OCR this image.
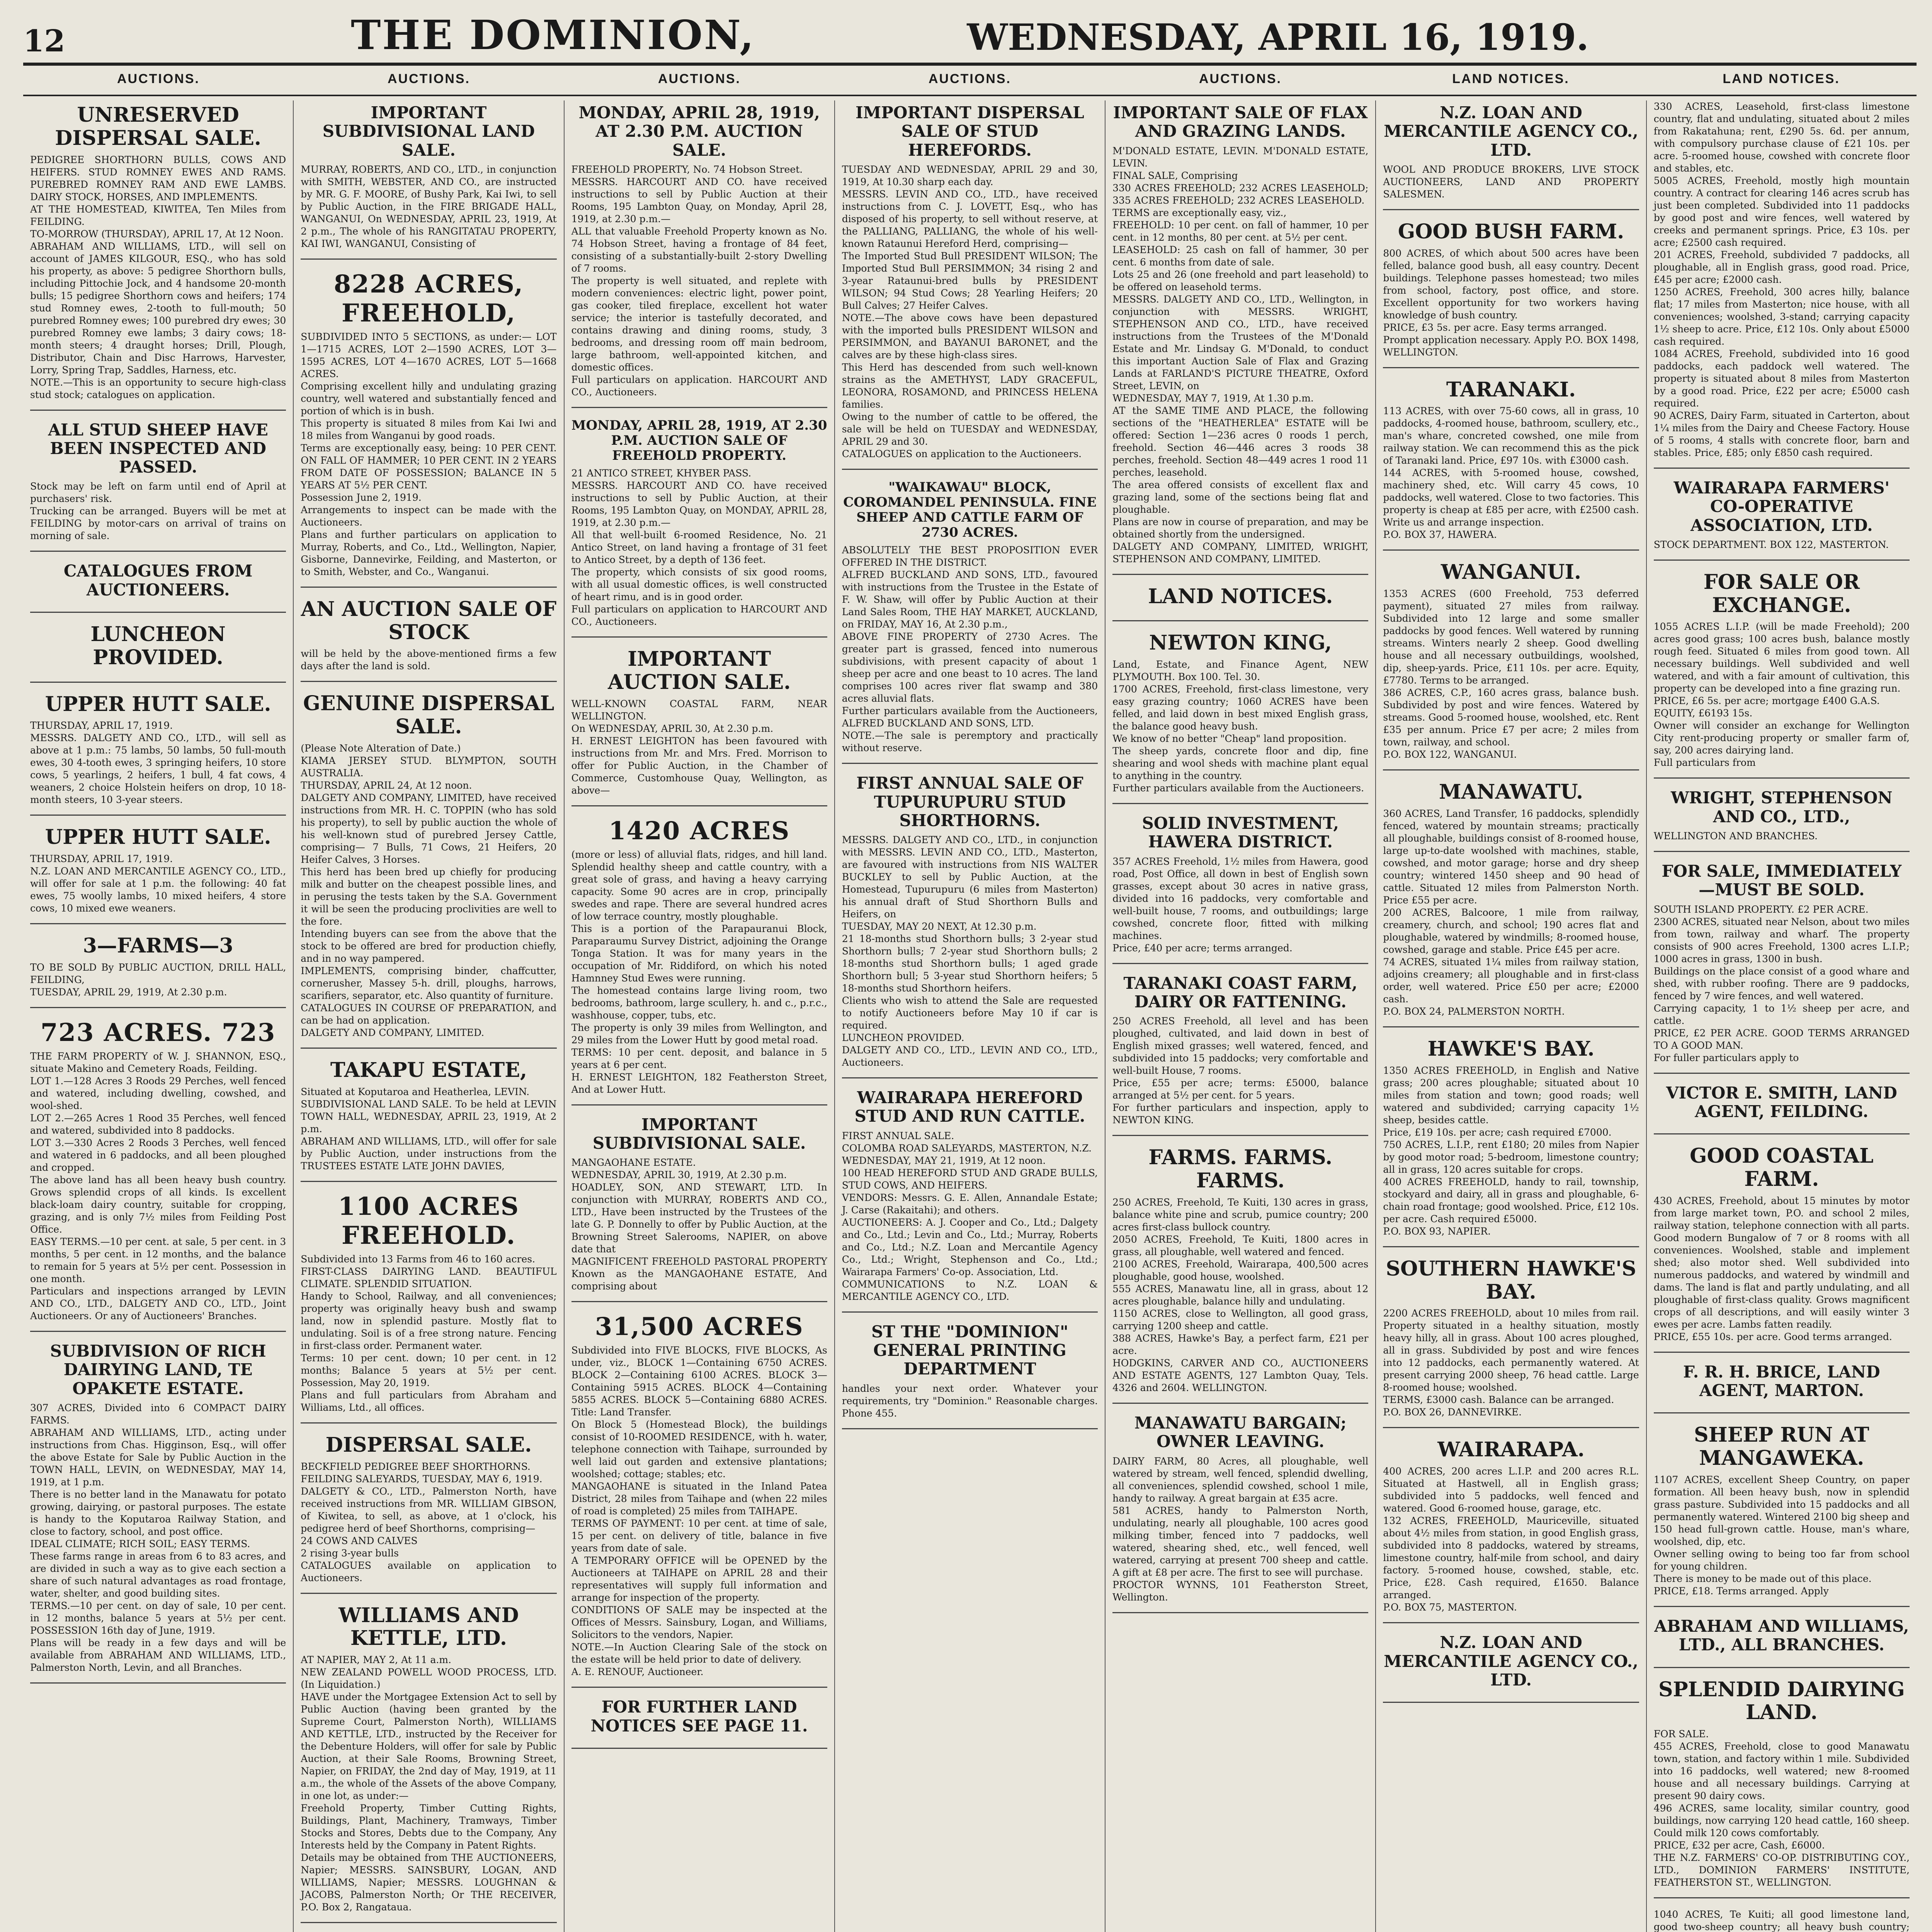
12	THE DOMINION,	WEDNESDAY, APRIL 16, 1919.
AUCTIONS.	AUCTIONS.	AUCTIONS.	AUCTIONS.	AUCTIONS.	LAND NOTICES.	LAND NOTICES.
UNRESERVED DISPERSAL SALE.
PEDIGREE SHORTHORN BULLS, COWS AND HEIFERS. STUD ROMNEY EWES AND RAMS. PUREBRED ROMNEY RAM AND EWE LAMBS. DAIRY STOCK, HORSES, AND IMPLEMENTS.
AT THE HOMESTEAD, KIWITEA, Ten Miles from FEILDING.
TO-MORROW (THURSDAY), APRIL 17, At 12 Noon.
ABRAHAM AND WILLIAMS, LTD., will sell on account of JAMES KILGOUR, ESQ., who has sold his property, as above: 5 pedigree Shorthorn bulls, including Pittochie Jock, and 4 handsome 20-month bulls; 15 pedigree Shorthorn cows and heifers; 174 stud Romney ewes, 2-tooth to full-mouth; 50 purebred Romney ewes; 100 purebred dry ewes; 30 purebred Romney ewe lambs; 3 dairy cows; 18-month steers; 4 draught horses; Drill, Plough, Distributor, Chain and Disc Harrows, Harvester, Lorry, Spring Trap, Saddles, Harness, etc.
NOTE.—This is an opportunity to secure high-class stud stock; catalogues on application.
ALL STUD SHEEP HAVE BEEN INSPECTED AND PASSED.
Stock may be left on farm until end of April at purchasers' risk.
Trucking can be arranged. Buyers will be met at FEILDING by motor-cars on arrival of trains on morning of sale.
CATALOGUES FROM AUCTIONEERS.
LUNCHEON PROVIDED.
UPPER HUTT SALE.
THURSDAY, APRIL 17, 1919.
MESSRS. DALGETY AND CO., LTD., will sell as above at 1 p.m.: 75 lambs, 50 lambs, 50 full-mouth ewes, 30 4-tooth ewes, 3 springing heifers, 10 store cows, 5 yearlings, 2 heifers, 1 bull, 4 fat cows, 4 weaners, 2 choice Holstein heifers on drop, 10 18-month steers, 10 3-year steers.
UPPER HUTT SALE.
THURSDAY, APRIL 17, 1919.
N.Z. LOAN AND MERCANTILE AGENCY CO., LTD., will offer for sale at 1 p.m. the following: 40 fat ewes, 75 woolly lambs, 10 mixed heifers, 4 store cows, 10 mixed ewe weaners.
3—FARMS—3
TO BE SOLD By PUBLIC AUCTION, DRILL HALL, FEILDING,
TUESDAY, APRIL 29, 1919, At 2.30 p.m.
723 ACRES. 723
THE FARM PROPERTY of W. J. SHANNON, ESQ., situate Makino and Cemetery Roads, Feilding.
LOT 1.—128 Acres 3 Roods 29 Perches, well fenced and watered, including dwelling, cowshed, and wool-shed.
LOT 2.—265 Acres 1 Rood 35 Perches, well fenced and watered, subdivided into 8 paddocks.
LOT 3.—330 Acres 2 Roods 3 Perches, well fenced and watered in 6 paddocks, and all been ploughed and cropped.
The above land has all been heavy bush country. Grows splendid crops of all kinds. Is excellent black-loam dairy country, suitable for cropping, grazing, and is only 7½ miles from Feilding Post Office.
EASY TERMS.—10 per cent. at sale, 5 per cent. in 3 months, 5 per cent. in 12 months, and the balance to remain for 5 years at 5½ per cent. Possession in one month.
Particulars and inspections arranged by LEVIN AND CO., LTD., DALGETY AND CO., LTD., Joint Auctioneers. Or any of Auctioneers' Branches.
SUBDIVISION OF RICH DAIRYING LAND, TE OPAKETE ESTATE.
307 ACRES, Divided into 6 COMPACT DAIRY FARMS.
ABRAHAM AND WILLIAMS, LTD., acting under instructions from Chas. Higginson, Esq., will offer the above Estate for Sale by Public Auction in the TOWN HALL, LEVIN, on WEDNESDAY, MAY 14, 1919, at 1 p.m.
There is no better land in the Manawatu for potato growing, dairying, or pastoral purposes. The estate is handy to the Koputaroa Railway Station, and close to factory, school, and post office.
IDEAL CLIMATE; RICH SOIL; EASY TERMS.
These farms range in areas from 6 to 83 acres, and are divided in such a way as to give each section a share of such natural advantages as road frontage, water, shelter, and good building sites.
TERMS.—10 per cent. on day of sale, 10 per cent. in 12 months, balance 5 years at 5½ per cent. POSSESSION 16th day of June, 1919.
Plans will be ready in a few days and will be available from ABRAHAM AND WILLIAMS, LTD., Palmerston North, Levin, and all Branches.
IMPORTANT SUBDIVISIONAL LAND SALE.
MURRAY, ROBERTS, AND CO., LTD., in conjunction with SMITH, WEBSTER, AND CO., are instructed by MR. G. F. MOORE, of Bushy Park, Kai Iwi, to sell by Public Auction, in the FIRE BRIGADE HALL, WANGANUI, On WEDNESDAY, APRIL 23, 1919, At 2 p.m., The whole of his RANGITATAU PROPERTY, KAI IWI, WANGANUI, Consisting of
8228 ACRES, FREEHOLD,
SUBDIVIDED INTO 5 SECTIONS, as under:— LOT 1—1715 ACRES, LOT 2—1590 ACRES, LOT 3—1595 ACRES, LOT 4—1670 ACRES, LOT 5—1668 ACRES.
Comprising excellent hilly and undulating grazing country, well watered and substantially fenced and portion of which is in bush.
This property is situated 8 miles from Kai Iwi and 18 miles from Wanganui by good roads.
Terms are exceptionally easy, being: 10 PER CENT. ON FALL OF HAMMER; 10 PER CENT. IN 2 YEARS FROM DATE OF POSSESSION; BALANCE IN 5 YEARS AT 5½ PER CENT.
Possession June 2, 1919.
Arrangements to inspect can be made with the Auctioneers.
Plans and further particulars on application to Murray, Roberts, and Co., Ltd., Wellington, Napier, Gisborne, Dannevirke, Feilding, and Masterton, or to Smith, Webster, and Co., Wanganui.
AN AUCTION SALE OF STOCK
will be held by the above-mentioned firms a few days after the land is sold.
GENUINE DISPERSAL SALE.
(Please Note Alteration of Date.)
KIAMA JERSEY STUD. BLYMPTON, SOUTH AUSTRALIA.
THURSDAY, APRIL 24, At 12 noon.
DALGETY AND COMPANY, LIMITED, have received instructions from MR. H. C. TOPPIN (who has sold his property), to sell by public auction the whole of his well-known stud of purebred Jersey Cattle, comprising— 7 Bulls, 71 Cows, 21 Heifers, 20 Heifer Calves, 3 Horses.
This herd has been bred up chiefly for producing milk and butter on the cheapest possible lines, and in perusing the tests taken by the S.A. Government it will be seen the producing proclivities are well to the fore.
Intending buyers can see from the above that the stock to be offered are bred for production chiefly, and in no way pampered.
IMPLEMENTS, comprising binder, chaffcutter, cornerusher, Massey 5-h. drill, ploughs, harrows, scarifiers, separator, etc. Also quantity of furniture.
CATALOGUES IN COURSE OF PREPARATION, and can be had on application.
DALGETY AND COMPANY, LIMITED.
TAKAPU ESTATE,
Situated at Koputaroa and Heatherlea, LEVIN.
SUBDIVISIONAL LAND SALE. To be held at LEVIN TOWN HALL, WEDNESDAY, APRIL 23, 1919, At 2 p.m.
ABRAHAM AND WILLIAMS, LTD., will offer for sale by Public Auction, under instructions from the TRUSTEES ESTATE LATE JOHN DAVIES,
1100 ACRES FREEHOLD.
Subdivided into 13 Farms from 46 to 160 acres.
FIRST-CLASS DAIRYING LAND. BEAUTIFUL CLIMATE. SPLENDID SITUATION.
Handy to School, Railway, and all conveniences; property was originally heavy bush and swamp land, now in splendid pasture. Mostly flat to undulating. Soil is of a free strong nature. Fencing in first-class order. Permanent water.
Terms: 10 per cent. down; 10 per cent. in 12 months; Balance 5 years at 5½ per cent. Possession, May 20, 1919.
Plans and full particulars from Abraham and Williams, Ltd., all offices.
DISPERSAL SALE.
BECKFIELD PEDIGREE BEEF SHORTHORNS.
FEILDING SALEYARDS, TUESDAY, MAY 6, 1919.
DALGETY & CO., LTD., Palmerston North, have received instructions from MR. WILLIAM GIBSON, of Kiwitea, to sell, as above, at 1 o'clock, his pedigree herd of beef Shorthorns, comprising—
24 COWS AND CALVES
2 rising 3-year bulls
CATALOGUES available on application to Auctioneers.
WILLIAMS AND KETTLE, LTD.
AT NAPIER, MAY 2, At 11 a.m.
NEW ZEALAND POWELL WOOD PROCESS, LTD. (In Liquidation.)
HAVE under the Mortgagee Extension Act to sell by Public Auction (having been granted by the Supreme Court, Palmerston North), WILLIAMS AND KETTLE, LTD., instructed by the Receiver for the Debenture Holders, will offer for sale by Public Auction, at their Sale Rooms, Browning Street, Napier, on FRIDAY, the 2nd day of May, 1919, at 11 a.m., the whole of the Assets of the above Company, in one lot, as under:—
Freehold Property, Timber Cutting Rights, Buildings, Plant, Machinery, Tramways, Timber Stocks and Stores, Debts due to the Company, Any Interests held by the Company in Patent Rights.
Details may be obtained from THE AUCTIONEERS, Napier; MESSRS. SAINSBURY, LOGAN, AND WILLIAMS, Napier; MESSRS. LOUGHNAN & JACOBS, Palmerston North; Or THE RECEIVER, P.O. Box 2, Rangataua.
MONDAY, APRIL 28, 1919, AT 2.30 P.M. AUCTION SALE.
FREEHOLD PROPERTY, No. 74 Hobson Street.
MESSRS. HARCOURT AND CO. have received instructions to sell by Public Auction at their Rooms, 195 Lambton Quay, on Monday, April 28, 1919, at 2.30 p.m.—
ALL that valuable Freehold Property known as No. 74 Hobson Street, having a frontage of 84 feet, consisting of a substantially-built 2-story Dwelling of 7 rooms.
The property is well situated, and replete with modern conveniences: electric light, power point, gas cooker, tiled fireplace, excellent hot water service; the interior is tastefully decorated, and contains drawing and dining rooms, study, 3 bedrooms, and dressing room off main bedroom, large bathroom, well-appointed kitchen, and domestic offices.
Full particulars on application. HARCOURT AND CO., Auctioneers.
MONDAY, APRIL 28, 1919, AT 2.30 P.M. AUCTION SALE OF FREEHOLD PROPERTY.
21 ANTICO STREET, KHYBER PASS.
MESSRS. HARCOURT AND CO. have received instructions to sell by Public Auction, at their Rooms, 195 Lambton Quay, on MONDAY, APRIL 28, 1919, at 2.30 p.m.—
All that well-built 6-roomed Residence, No. 21 Antico Street, on land having a frontage of 31 feet to Antico Street, by a depth of 136 feet.
The property, which consists of six good rooms, with all usual domestic offices, is well constructed of heart rimu, and is in good order.
Full particulars on application to HARCOURT AND CO., Auctioneers.
IMPORTANT AUCTION SALE.
WELL-KNOWN COASTAL FARM, NEAR WELLINGTON.
On WEDNESDAY, APRIL 30, At 2.30 p.m.
H. ERNEST LEIGHTON has been favoured with instructions from Mr. and Mrs. Fred. Morrison to offer for Public Auction, in the Chamber of Commerce, Customhouse Quay, Wellington, as above—
1420 ACRES
(more or less) of alluvial flats, ridges, and hill land. Splendid healthy sheep and cattle country, with a great sole of grass, and having a heavy carrying capacity. Some 90 acres are in crop, principally swedes and rape. There are several hundred acres of low terrace country, mostly ploughable.
This is a portion of the Parapauranui Block, Paraparaumu Survey District, adjoining the Orange Tonga Station. It was for many years in the occupation of Mr. Riddiford, on which his noted Hamnney Stud Ewes were running.
The homestead contains large living room, two bedrooms, bathroom, large scullery, h. and c., p.r.c., washhouse, copper, tubs, etc.
The property is only 39 miles from Wellington, and 29 miles from the Lower Hutt by good metal road.
TERMS: 10 per cent. deposit, and balance in 5 years at 6 per cent.
H. ERNEST LEIGHTON, 182 Featherston Street, And at Lower Hutt.
IMPORTANT SUBDIVISIONAL SALE.
MANGAOHANE ESTATE.
WEDNESDAY, APRIL 30, 1919, At 2.30 p.m.
HOADLEY, SON, AND STEWART, LTD. In conjunction with MURRAY, ROBERTS AND CO., LTD., Have been instructed by the Trustees of the late G. P. Donnelly to offer by Public Auction, at the Browning Street Salerooms, NAPIER, on above date that
MAGNIFICENT FREEHOLD PASTORAL PROPERTY Known as the MANGAOHANE ESTATE, And comprising about
31,500 ACRES
Subdivided into FIVE BLOCKS, FIVE BLOCKS, As under, viz., BLOCK 1—Containing 6750 ACRES. BLOCK 2—Containing 6100 ACRES. BLOCK 3—Containing 5915 ACRES. BLOCK 4—Containing 5855 ACRES. BLOCK 5—Containing 6880 ACRES. Title: Land Transfer.
On Block 5 (Homestead Block), the buildings consist of 10-ROOMED RESIDENCE, with h. water, telephone connection with Taihape, surrounded by well laid out garden and extensive plantations; woolshed; cottage; stables; etc.
MANGAOHANE is situated in the Inland Patea District, 28 miles from Taihape and (when 22 miles of road is completed) 25 miles from TAIHAPE.
TERMS OF PAYMENT: 10 per cent. at time of sale, 15 per cent. on delivery of title, balance in five years from date of sale.
A TEMPORARY OFFICE will be OPENED by the Auctioneers at TAIHAPE on APRIL 28 and their representatives will supply full information and arrange for inspection of the property.
CONDITIONS OF SALE may be inspected at the Offices of Messrs. Sainsbury, Logan, and Williams, Solicitors to the vendors, Napier.
NOTE.—In Auction Clearing Sale of the stock on the estate will be held prior to date of delivery.
A. E. RENOUF, Auctioneer.
FOR FURTHER LAND NOTICES SEE PAGE 11.
IMPORTANT DISPERSAL SALE OF STUD HEREFORDS.
TUESDAY AND WEDNESDAY, APRIL 29 and 30, 1919, At 10.30 sharp each day.
MESSRS. LEVIN AND CO., LTD., have received instructions from C. J. LOVETT, Esq., who has disposed of his property, to sell without reserve, at the PALLIANG, PALLIANG, the whole of his well-known Rataunui Hereford Herd, comprising—
The Imported Stud Bull PRESIDENT WILSON; The Imported Stud Bull PERSIMMON; 34 rising 2 and 3-year Rataunui-bred bulls by PRESIDENT WILSON; 94 Stud Cows; 28 Yearling Heifers; 20 Bull Calves; 27 Heifer Calves.
NOTE.—The above cows have been depastured with the imported bulls PRESIDENT WILSON and PERSIMMON, and BAYANUI BARONET, and the calves are by these high-class sires.
This Herd has descended from such well-known strains as the AMETHYST, LADY GRACEFUL, LEONORA, ROSAMOND, and PRINCESS HELENA families.
Owing to the number of cattle to be offered, the sale will be held on TUESDAY and WEDNESDAY, APRIL 29 and 30.
CATALOGUES on application to the Auctioneers.
"WAIKAWAU" BLOCK, COROMANDEL PENINSULA. FINE SHEEP AND CATTLE FARM OF 2730 ACRES.
ABSOLUTELY THE BEST PROPOSITION EVER OFFERED IN THE DISTRICT.
ALFRED BUCKLAND AND SONS, LTD., favoured with instructions from the Trustee in the Estate of F. W. Shaw, will offer by Public Auction at their Land Sales Room, THE HAY MARKET, AUCKLAND, on FRIDAY, MAY 16, At 2.30 p.m.,
ABOVE FINE PROPERTY of 2730 Acres. The greater part is grassed, fenced into numerous subdivisions, with present capacity of about 1 sheep per acre and one beast to 10 acres. The land comprises 100 acres river flat swamp and 380 acres alluvial flats.
Further particulars available from the Auctioneers, ALFRED BUCKLAND AND SONS, LTD.
NOTE.—The sale is peremptory and practically without reserve.
FIRST ANNUAL SALE OF TUPURUPURU STUD SHORTHORNS.
MESSRS. DALGETY AND CO., LTD., in conjunction with MESSRS. LEVIN AND CO., LTD., Masterton, are favoured with instructions from NIS WALTER BUCKLEY to sell by Public Auction, at the Homestead, Tupurupuru (6 miles from Masterton) his annual draft of Stud Shorthorn Bulls and Heifers, on
TUESDAY, MAY 20 NEXT, At 12.30 p.m.
21 18-months stud Shorthorn bulls; 3 2-year stud Shorthorn bulls; 7 2-year stud Shorthorn bulls; 2 18-months stud Shorthorn bulls; 1 aged grade Shorthorn bull; 5 3-year stud Shorthorn heifers; 5 18-months stud Shorthorn heifers.
Clients who wish to attend the Sale are requested to notify Auctioneers before May 10 if car is required.
LUNCHEON PROVIDED.
DALGETY AND CO., LTD., LEVIN AND CO., LTD., Auctioneers.
WAIRARAPA HEREFORD STUD AND RUN CATTLE.
FIRST ANNUAL SALE.
COLOMBA ROAD SALEYARDS, MASTERTON, N.Z.
WEDNESDAY, MAY 21, 1919, At 12 noon.
100 HEAD HEREFORD STUD AND GRADE BULLS, STUD COWS, AND HEIFERS.
VENDORS: Messrs. G. E. Allen, Annandale Estate; J. Carse (Rakaitahi); and others.
AUCTIONEERS: A. J. Cooper and Co., Ltd.; Dalgety and Co., Ltd.; Levin and Co., Ltd.; Murray, Roberts and Co., Ltd.; N.Z. Loan and Mercantile Agency Co., Ltd.; Wright, Stephenson and Co., Ltd.; Wairarapa Farmers' Co-op. Association, Ltd.
COMMUNICATIONS to N.Z. LOAN & MERCANTILE AGENCY CO., LTD.
ST THE "DOMINION" GENERAL PRINTING DEPARTMENT
handles your next order. Whatever your requirements, try "Dominion." Reasonable charges. Phone 455.
IMPORTANT SALE OF FLAX AND GRAZING LANDS.
M'DONALD ESTATE, LEVIN. M'DONALD ESTATE, LEVIN.
FINAL SALE, Comprising
330 ACRES FREEHOLD; 232 ACRES LEASEHOLD; 335 ACRES FREEHOLD; 232 ACRES LEASEHOLD.
TERMS are exceptionally easy, viz.,
FREEHOLD: 10 per cent. on fall of hammer, 10 per cent. in 12 months, 80 per cent. at 5½ per cent.
LEASEHOLD: 25 cash on fall of hammer, 30 per cent. 6 months from date of sale.
Lots 25 and 26 (one freehold and part leasehold) to be offered on leasehold terms.
MESSRS. DALGETY AND CO., LTD., Wellington, in conjunction with MESSRS. WRIGHT, STEPHENSON AND CO., LTD., have received instructions from the Trustees of the M'Donald Estate and Mr. Lindsay G. M'Donald, to conduct this important Auction Sale of Flax and Grazing Lands at FARLAND'S PICTURE THEATRE, Oxford Street, LEVIN, on
WEDNESDAY, MAY 7, 1919, At 1.30 p.m.
AT the SAME TIME AND PLACE, the following sections of the "HEATHERLEA" ESTATE will be offered: Section 1—236 acres 0 roods 1 perch, freehold. Section 46—446 acres 3 roods 38 perches, freehold. Section 48—449 acres 1 rood 11 perches, leasehold.
The area offered consists of excellent flax and grazing land, some of the sections being flat and ploughable.
Plans are now in course of preparation, and may be obtained shortly from the undersigned.
DALGETY AND COMPANY, LIMITED, WRIGHT, STEPHENSON AND COMPANY, LIMITED.
LAND NOTICES.
NEWTON KING,
Land, Estate, and Finance Agent, NEW PLYMOUTH. Box 100. Tel. 30.
1700 ACRES, Freehold, first-class limestone, very easy grazing country; 1060 ACRES have been felled, and laid down in best mixed English grass, the balance good heavy bush.
We know of no better "Cheap" land proposition.
The sheep yards, concrete floor and dip, fine shearing and wool sheds with machine plant equal to anything in the country.
Further particulars available from the Auctioneers.
SOLID INVESTMENT, HAWERA DISTRICT.
357 ACRES Freehold, 1½ miles from Hawera, good road, Post Office, all down in best of English sown grasses, except about 30 acres in native grass, divided into 16 paddocks, very comfortable and well-built house, 7 rooms, and outbuildings; large cowshed, concrete floor, fitted with milking machines.
Price, £40 per acre; terms arranged.
TARANAKI COAST FARM, DAIRY OR FATTENING.
250 ACRES Freehold, all level and has been ploughed, cultivated, and laid down in best of English mixed grasses; well watered, fenced, and subdivided into 15 paddocks; very comfortable and well-built House, 7 rooms.
Price, £55 per acre; terms: £5000, balance arranged at 5½ per cent. for 5 years.
For further particulars and inspection, apply to NEWTON KING.
FARMS. FARMS. FARMS.
250 ACRES, Freehold, Te Kuiti, 130 acres in grass, balance white pine and scrub, pumice country; 200 acres first-class bullock country.
2050 ACRES, Freehold, Te Kuiti, 1800 acres in grass, all ploughable, well watered and fenced.
2100 ACRES, Freehold, Wairarapa, 400,500 acres ploughable, good house, woolshed.
555 ACRES, Manawatu line, all in grass, about 12 acres ploughable, balance hilly and undulating.
1150 ACRES, close to Wellington, all good grass, carrying 1200 sheep and cattle.
388 ACRES, Hawke's Bay, a perfect farm, £21 per acre.
HODGKINS, CARVER AND CO., AUCTIONEERS AND ESTATE AGENTS, 127 Lambton Quay, Tels. 4326 and 2604. WELLINGTON.
MANAWATU BARGAIN; OWNER LEAVING.
DAIRY FARM, 80 Acres, all ploughable, well watered by stream, well fenced, splendid dwelling, all conveniences, splendid cowshed, school 1 mile, handy to railway. A great bargain at £35 acre.
581 ACRES, handy to Palmerston North, undulating, nearly all ploughable, 100 acres good milking timber, fenced into 7 paddocks, well watered, shearing shed, etc., well fenced, well watered, carrying at present 700 sheep and cattle. A gift at £8 per acre. The first to see will purchase.
PROCTOR WYNNS, 101 Featherston Street, Wellington.
N.Z. LOAN AND MERCANTILE AGENCY CO., LTD.
WOOL AND PRODUCE BROKERS, LIVE STOCK AUCTIONEERS, LAND AND PROPERTY SALESMEN.
GOOD BUSH FARM.
800 ACRES, of which about 500 acres have been felled, balance good bush, all easy country. Decent buildings. Telephone passes homestead; two miles from school, factory, post office, and store. Excellent opportunity for two workers having knowledge of bush country.
PRICE, £3 5s. per acre. Easy terms arranged.
Prompt application necessary. Apply P.O. BOX 1498, WELLINGTON.
TARANAKI.
113 ACRES, with over 75-60 cows, all in grass, 10 paddocks, 4-roomed house, bathroom, scullery, etc., man's whare, concreted cowshed, one mile from railway station. We can recommend this as the pick of Taranaki land. Price, £97 10s. with £3000 cash.
144 ACRES, with 5-roomed house, cowshed, machinery shed, etc. Will carry 45 cows, 10 paddocks, well watered. Close to two factories. This property is cheap at £85 per acre, with £2500 cash. Write us and arrange inspection.
P.O. BOX 37, HAWERA.
WANGANUI.
1353 ACRES (600 Freehold, 753 deferred payment), situated 27 miles from railway. Subdivided into 12 large and some smaller paddocks by good fences. Well watered by running streams. Winters nearly 2 sheep. Good dwelling house and all necessary outbuildings, woolshed, dip, sheep-yards. Price, £11 10s. per acre. Equity, £7780. Terms to be arranged.
386 ACRES, C.P., 160 acres grass, balance bush. Subdivided by post and wire fences. Watered by streams. Good 5-roomed house, woolshed, etc. Rent £35 per annum. Price £7 per acre; 2 miles from town, railway, and school.
P.O. BOX 122, WANGANUI.
MANAWATU.
360 ACRES, Land Transfer, 16 paddocks, splendidly fenced, watered by mountain streams; practically all ploughable, buildings consist of 8-roomed house, large up-to-date woolshed with machines, stable, cowshed, and motor garage; horse and dry sheep country; wintered 1450 sheep and 90 head of cattle. Situated 12 miles from Palmerston North. Price £55 per acre.
200 ACRES, Balcoore, 1 mile from railway, creamery, church, and school; 190 acres flat and ploughable, watered by windmills; 8-roomed house, cowshed, garage and stable. Price £45 per acre.
74 ACRES, situated 1¼ miles from railway station, adjoins creamery; all ploughable and in first-class order, well watered. Price £50 per acre; £2000 cash.
P.O. BOX 24, PALMERSTON NORTH.
HAWKE'S BAY.
1350 ACRES FREEHOLD, in English and Native grass; 200 acres ploughable; situated about 10 miles from station and town; good roads; well watered and subdivided; carrying capacity 1½ sheep, besides cattle.
Price, £19 10s. per acre; cash required £7000.
750 ACRES, L.I.P., rent £180; 20 miles from Napier by good motor road; 5-bedroom, limestone country; all in grass, 120 acres suitable for crops.
400 ACRES FREEHOLD, handy to rail, township, stockyard and dairy, all in grass and ploughable, 6-chain road frontage; good woolshed. Price, £12 10s. per acre. Cash required £5000.
P.O. BOX 93, NAPIER.
SOUTHERN HAWKE'S BAY.
2200 ACRES FREEHOLD, about 10 miles from rail. Property situated in a healthy situation, mostly heavy hilly, all in grass. About 100 acres ploughed, all in grass. Subdivided by post and wire fences into 12 paddocks, each permanently watered. At present carrying 2000 sheep, 76 head cattle. Large 8-roomed house; woolshed.
TERMS, £3000 cash. Balance can be arranged.
P.O. BOX 26, DANNEVIRKE.
WAIRARAPA.
400 ACRES, 200 acres L.I.P. and 200 acres R.L. Situated at Hastwell, all in English grass; subdivided into 5 paddocks, well fenced and watered. Good 6-roomed house, garage, etc.
132 ACRES, FREEHOLD, Mauriceville, situated about 4½ miles from station, in good English grass, subdivided into 8 paddocks, watered by streams, limestone country, half-mile from school, and dairy factory. 5-roomed house, cowshed, stable, etc. Price, £28. Cash required, £1650. Balance arranged.
P.O. BOX 75, MASTERTON.
N.Z. LOAN AND MERCANTILE AGENCY CO., LTD.
330 ACRES, Leasehold, first-class limestone country, flat and undulating, situated about 2 miles from Rakatahuna; rent, £290 5s. 6d. per annum, with compulsory purchase clause of £21 10s. per acre. 5-roomed house, cowshed with concrete floor and stables, etc.
5005 ACRES, Freehold, mostly high mountain country. A contract for clearing 146 acres scrub has just been completed. Subdivided into 11 paddocks by good post and wire fences, well watered by creeks and permanent springs. Price, £3 10s. per acre; £2500 cash required.
201 ACRES, Freehold, subdivided 7 paddocks, all ploughable, all in English grass, good road. Price, £45 per acre; £2000 cash.
1250 ACRES, Freehold, 300 acres hilly, balance flat; 17 miles from Masterton; nice house, with all conveniences; woolshed, 3-stand; carrying capacity 1½ sheep to acre. Price, £12 10s. Only about £5000 cash required.
1084 ACRES, Freehold, subdivided into 16 good paddocks, each paddock well watered. The property is situated about 8 miles from Masterton by a good road. Price, £22 per acre; £5000 cash required.
90 ACRES, Dairy Farm, situated in Carterton, about 1¼ miles from the Dairy and Cheese Factory. House of 5 rooms, 4 stalls with concrete floor, barn and stables. Price, £85; only £850 cash required.
WAIRARAPA FARMERS' CO-OPERATIVE ASSOCIATION, LTD.
STOCK DEPARTMENT. BOX 122, MASTERTON.
FOR SALE OR EXCHANGE.
1055 ACRES L.I.P. (will be made Freehold); 200 acres good grass; 100 acres bush, balance mostly rough feed. Situated 6 miles from good town. All necessary buildings. Well subdivided and well watered, and with a fair amount of cultivation, this property can be developed into a fine grazing run.
PRICE, £6 5s. per acre; mortgage £400 G.A.S.
EQUITY, £6193 15s.
Owner will consider an exchange for Wellington City rent-producing property or smaller farm of, say, 200 acres dairying land.
Full particulars from
WRIGHT, STEPHENSON AND CO., LTD.,
WELLINGTON AND BRANCHES.
FOR SALE, IMMEDIATELY—MUST BE SOLD.
SOUTH ISLAND PROPERTY. £2 PER ACRE.
2300 ACRES, situated near Nelson, about two miles from town, railway and wharf. The property consists of 900 acres Freehold, 1300 acres L.I.P.; 1000 acres in grass, 1300 in bush.
Buildings on the place consist of a good whare and shed, with rubber roofing. There are 9 paddocks, fenced by 7 wire fences, and well watered.
Carrying capacity, 1 to 1½ sheep per acre, and cattle.
PRICE, £2 PER ACRE. GOOD TERMS ARRANGED TO A GOOD MAN.
For fuller particulars apply to
VICTOR E. SMITH, LAND AGENT, FEILDING.
GOOD COASTAL FARM.
430 ACRES, Freehold, about 15 minutes by motor from large market town, P.O. and school 2 miles, railway station, telephone connection with all parts. Good modern Bungalow of 7 or 8 rooms with all conveniences. Woolshed, stable and implement shed; also motor shed. Well subdivided into numerous paddocks, and watered by windmill and dams. The land is flat and partly undulating, and all ploughable of first-class quality. Grows magnificent crops of all descriptions, and will easily winter 3 ewes per acre. Lambs fatten readily.
PRICE, £55 10s. per acre. Good terms arranged.
F. R. H. BRICE, LAND AGENT, MARTON.
SHEEP RUN AT MANGAWEKA.
1107 ACRES, excellent Sheep Country, on paper formation. All been heavy bush, now in splendid grass pasture. Subdivided into 15 paddocks and all permanently watered. Wintered 2100 big sheep and 150 head full-grown cattle. House, man's whare, woolshed, dip, etc.
Owner selling owing to being too far from school for young children.
There is money to be made out of this place.
PRICE, £18. Terms arranged. Apply
ABRAHAM AND WILLIAMS, LTD., ALL BRANCHES.
SPLENDID DAIRYING LAND.
FOR SALE.
455 ACRES, Freehold, close to good Manawatu town, station, and factory within 1 mile. Subdivided into 16 paddocks, well watered; new 8-roomed house and all necessary buildings. Carrying at present 90 dairy cows.
496 ACRES, same locality, similar country, good buildings, now carrying 120 head cattle, 160 sheep. Could milk 120 cows comfortably.
PRICE, £32 per acre, Cash, £6000.
THE N.Z. FARMERS' CO-OP. DISTRIBUTING COY., LTD., DOMINION FARMERS' INSTITUTE, FEATHERSTON ST., WELLINGTON.
1040 ACRES, Te Kuiti; all good limestone land, good two-sheep country; all heavy bush country;
